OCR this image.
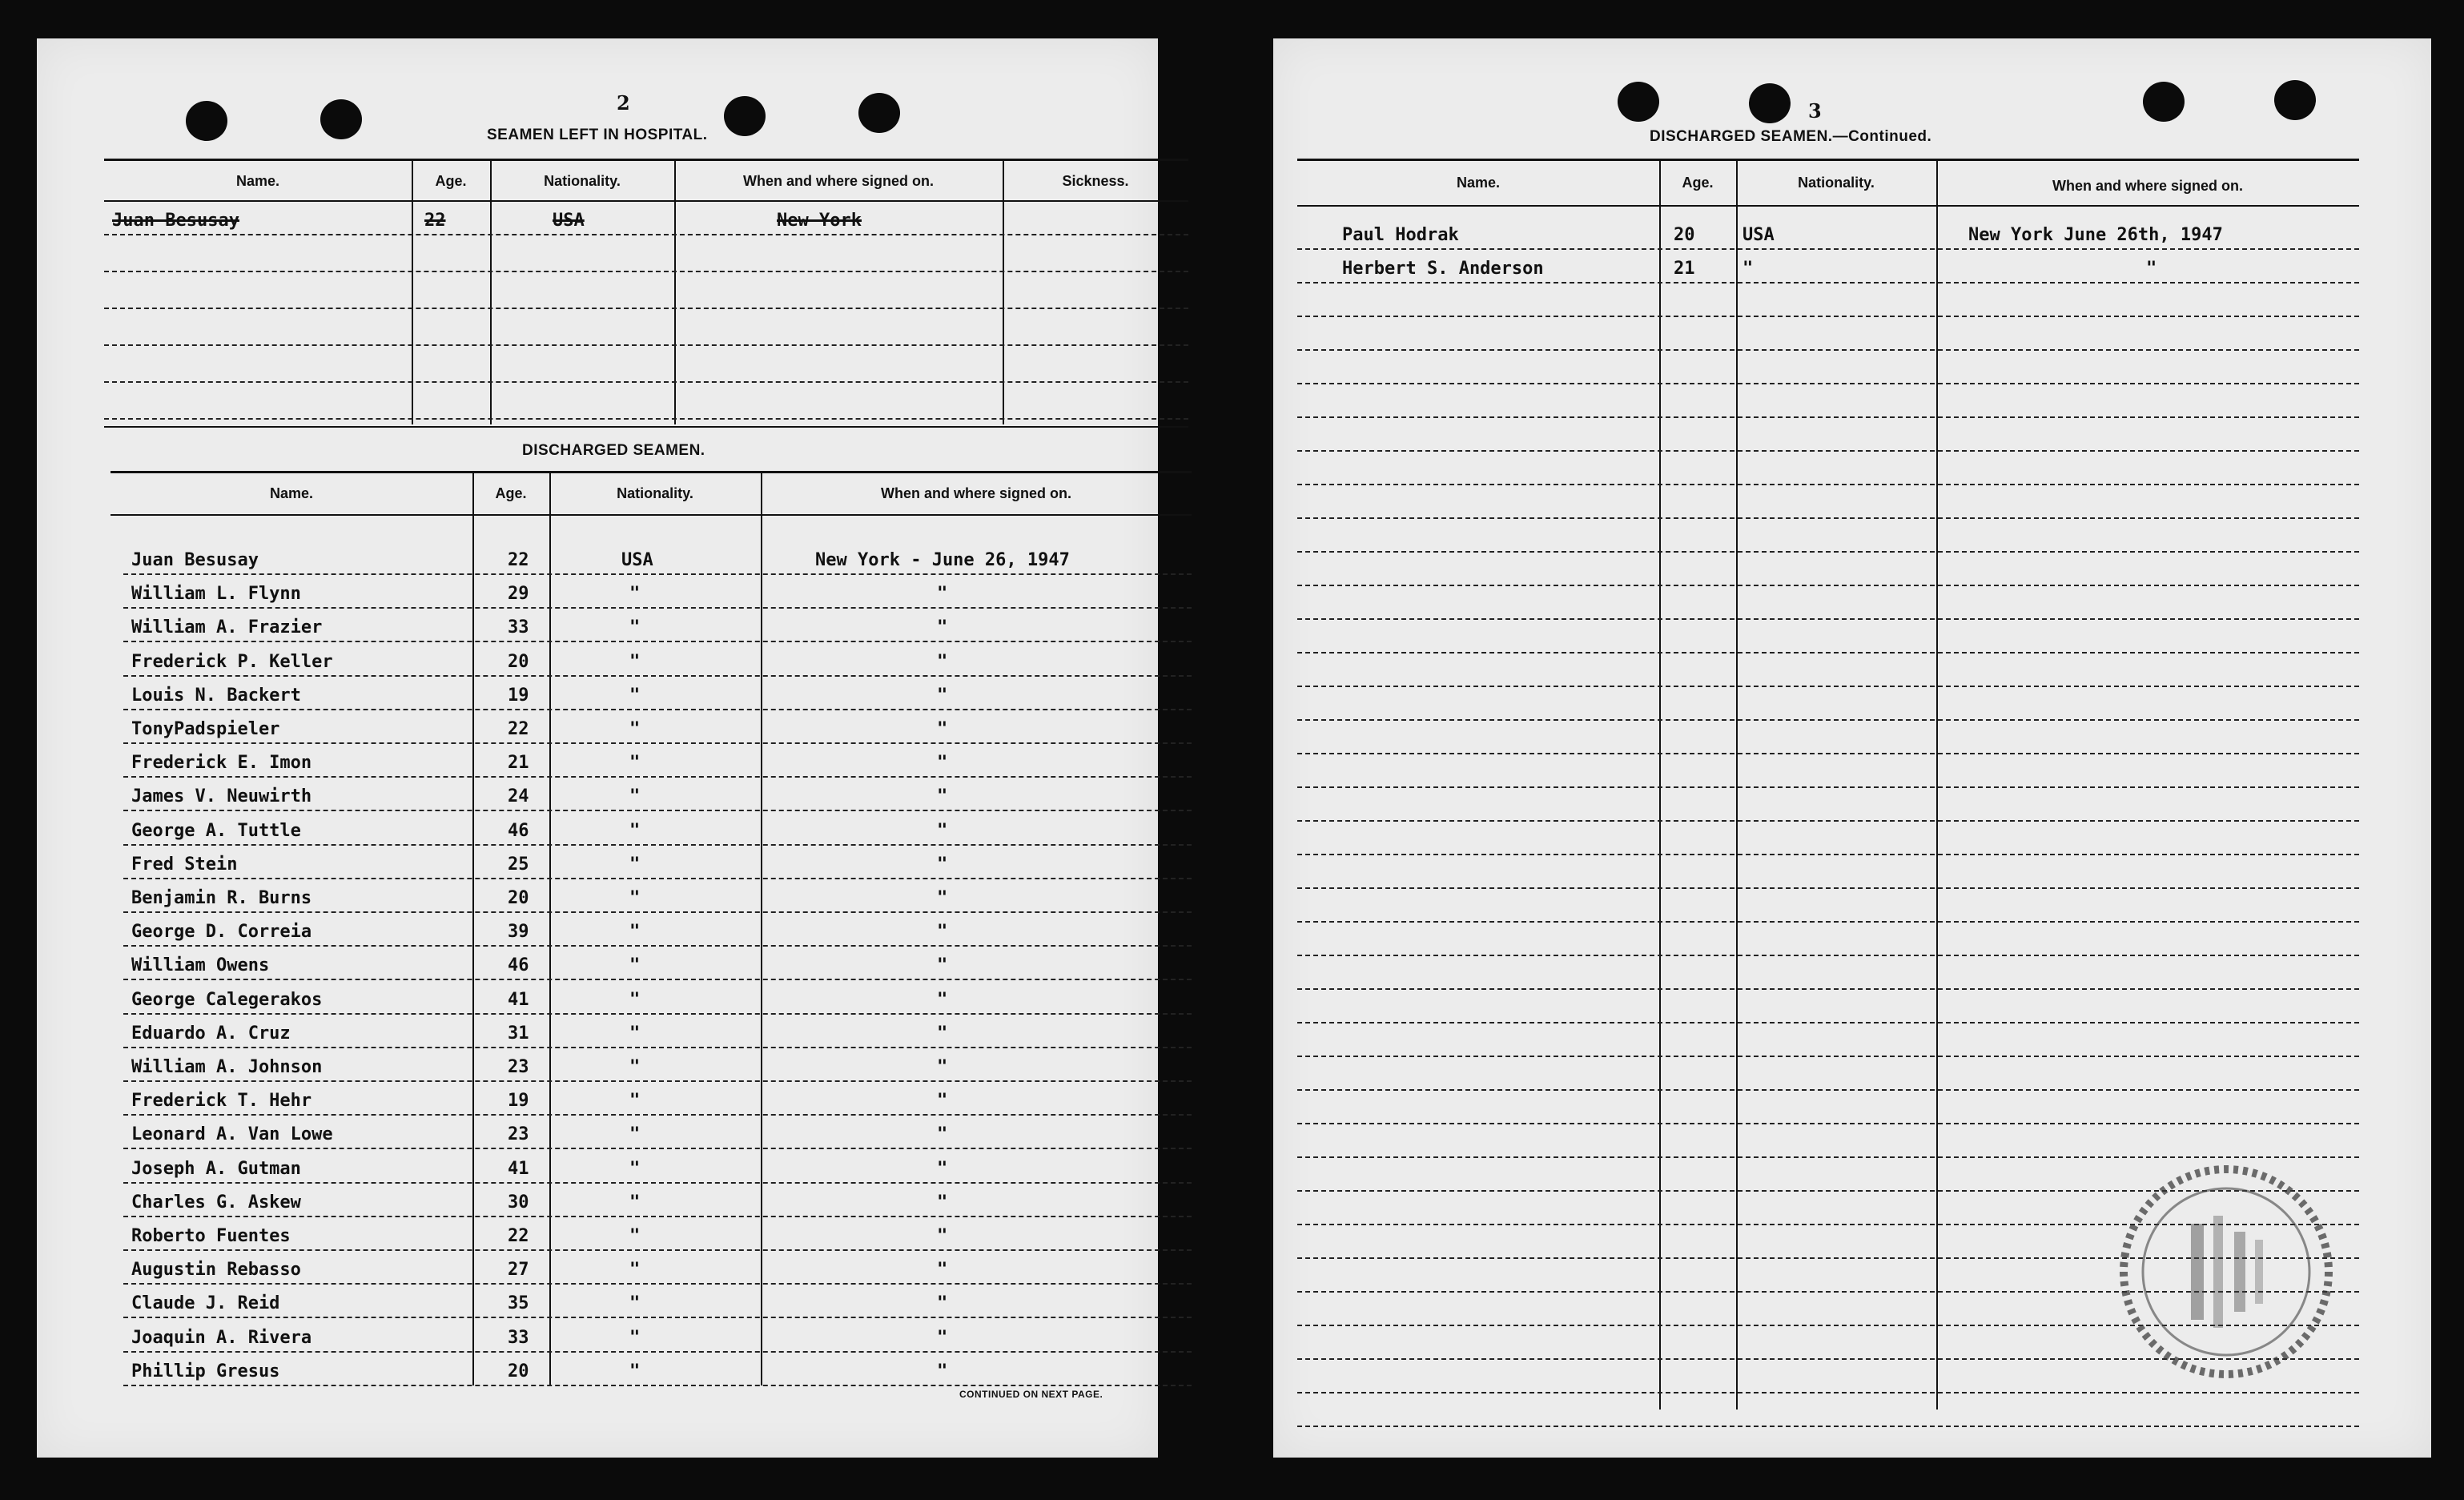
2
SEAMEN LEFT IN HOSPITAL.
Name.	Age.	Nationality.	When and where signed on.	Sickness.
Juan Besusay	22	USA	New York
DISCHARGED SEAMEN.
Name.	Age.	Nationality.	When and where signed on.
Juan Besusay	22	USA	New York - June 26, 1947
William L. Flynn	29	"	"
William A. Frazier	33	"	"
Frederick P. Keller	20	"	"
Louis N. Backert	19	"	"
TonyPadspieler	22	"	"
Frederick E. Imon	21	"	"
James V. Neuwirth	24	"	"
George A. Tuttle	46	"	"
Fred Stein	25	"	"
Benjamin R. Burns	20	"	"
George D. Correia	39	"	"
William Owens	46	"	"
George Calegerakos	41	"	"
Eduardo A. Cruz	31	"	"
William A. Johnson	23	"	"
Frederick T. Hehr	19	"	"
Leonard A. Van Lowe	23	"	"
Joseph A. Gutman	41	"	"
Charles G. Askew	30	"	"
Roberto Fuentes	22	"	"
Augustin Rebasso	27	"	"
Claude J. Reid	35	"	"
Joaquin A. Rivera	33	"	"
Phillip Gresus	20	"	"
CONTINUED ON NEXT PAGE.
3
DISCHARGED SEAMEN.—Continued.
Name.	Age.	Nationality.	When and where signed on.
Paul Hodrak	20	USA	New York June 26th, 1947
Herbert S. Anderson	21	"	"
